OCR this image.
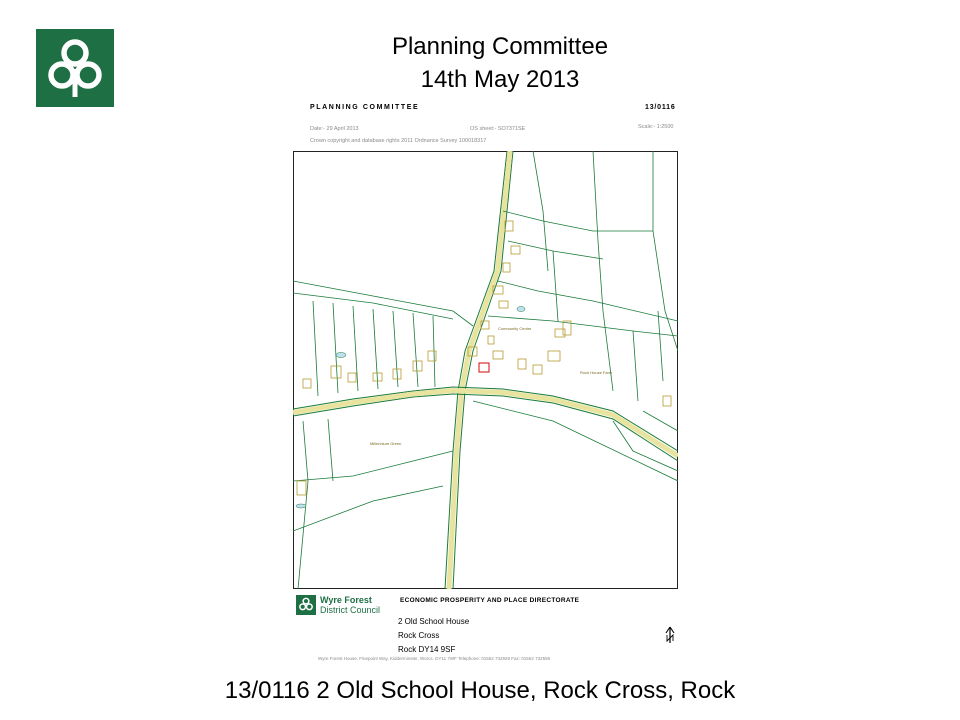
Planning Committee
14th May 2013
PLANNING COMMITTEE	13/0116
Date:- 29 April 2013	OS sheet:- SO7371SE	Scale:- 1:2500
Crown copyright and database rights 2011 Ordnance Survey 100018317
Millennium Green
Rock House Farm
Community Centre
Wyre Forest
District Council
ECONOMIC PROSPERITY AND PLACE DIRECTORATE
2 Old School House
Rock Cross
Rock DY14 9SF
Wyre Forest House, Finepoint Way, Kidderminster, Worcs. DY11 7WF Telephone: 01562 732928 Fax: 01562 732556
13/0116 2 Old School House, Rock Cross, Rock
